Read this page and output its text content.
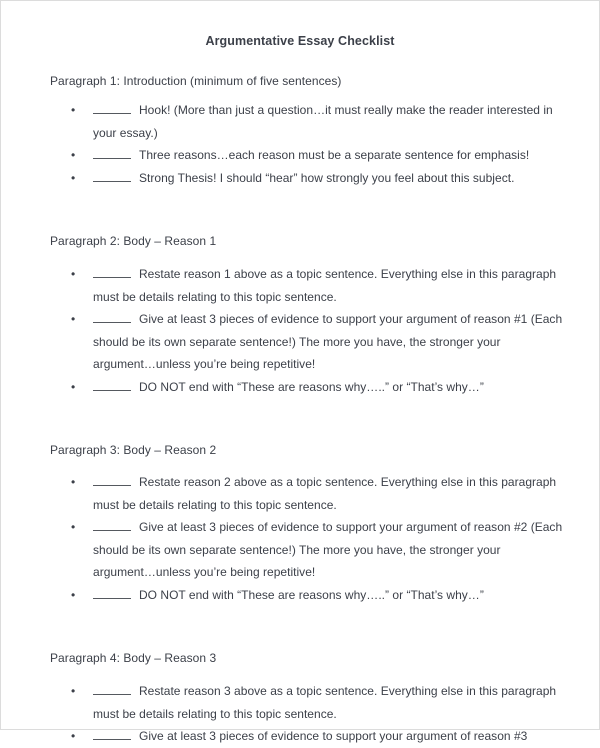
Argumentative Essay Checklist
Paragraph 1: Introduction (minimum of five sentences)
•	Hook! (More than just a question…it must really make the reader interested in your essay.)
•	Three reasons…each reason must be a separate sentence for emphasis!
•	Strong Thesis! I should “hear” how strongly you feel about this subject.
Paragraph 2: Body – Reason 1
•	Restate reason 1 above as a topic sentence. Everything else in this paragraph must be details relating to this topic sentence.
•	Give at least 3 pieces of evidence to support your argument of reason #1 (Each should be its own separate sentence!) The more you have, the stronger your argument…unless you’re being repetitive!
•	DO NOT end with “These are reasons why…..” or “That’s why…”
Paragraph 3: Body – Reason 2
•	Restate reason 2 above as a topic sentence. Everything else in this paragraph must be details relating to this topic sentence.
•	Give at least 3 pieces of evidence to support your argument of reason #2 (Each should be its own separate sentence!) The more you have, the stronger your argument…unless you’re being repetitive!
•	DO NOT end with “These are reasons why…..” or “That’s why…”
Paragraph 4: Body – Reason 3
•	Restate reason 3 above as a topic sentence. Everything else in this paragraph must be details relating to this topic sentence.
•	Give at least 3 pieces of evidence to support your argument of reason #3
